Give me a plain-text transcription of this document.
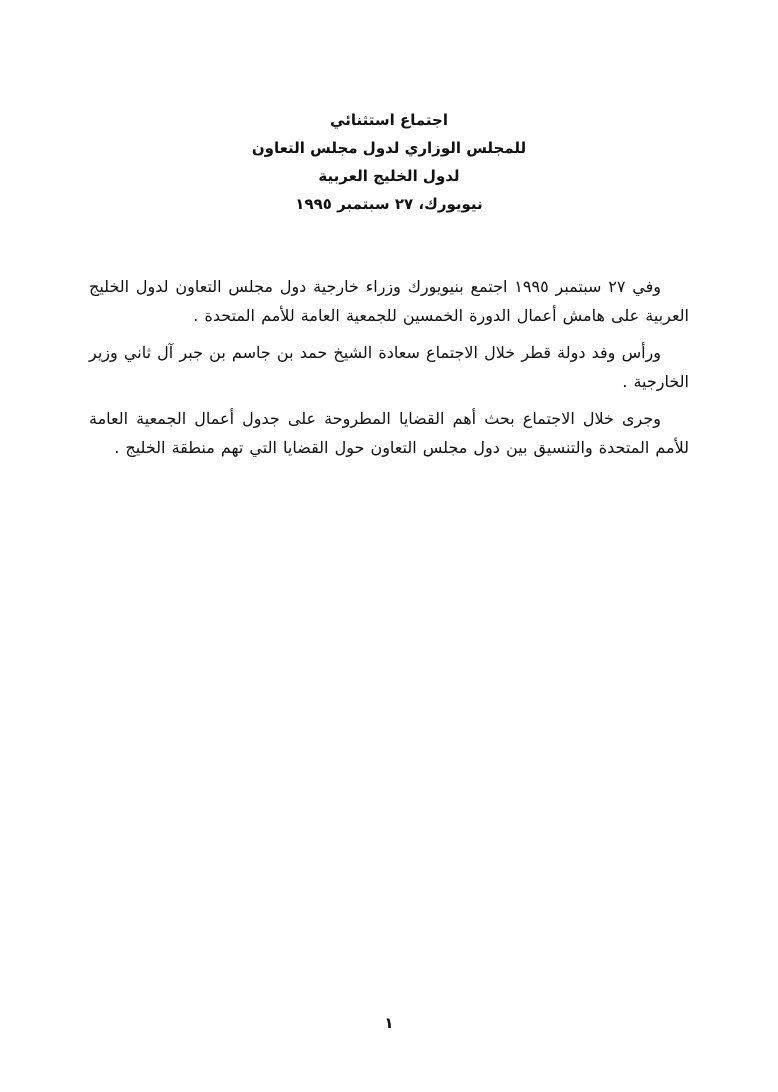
اجتماع استثنائي
للمجلس الوزاري لدول مجلس التعاون
لدول الخليج العربية
نيويورك، ٢٧ سبتمبر ١٩٩٥

وفي ٢٧ سبتمبر ١٩٩٥ اجتمع بنيويورك وزراء خارجية دول مجلس التعاون لدول الخليج العربية على هامش أعمال الدورة الخمسين للجمعية العامة للأمم المتحدة .

ورأس وفد دولة قطر خلال الاجتماع سعادة الشيخ حمد بن جاسم بن جبر آل ثاني وزير الخارجية .

وجرى خلال الاجتماع بحث أهم القضايا المطروحة على جدول أعمال الجمعية العامة للأمم المتحدة والتنسيق بين دول مجلس التعاون حول القضايا التي تهم منطقة الخليج .

١
